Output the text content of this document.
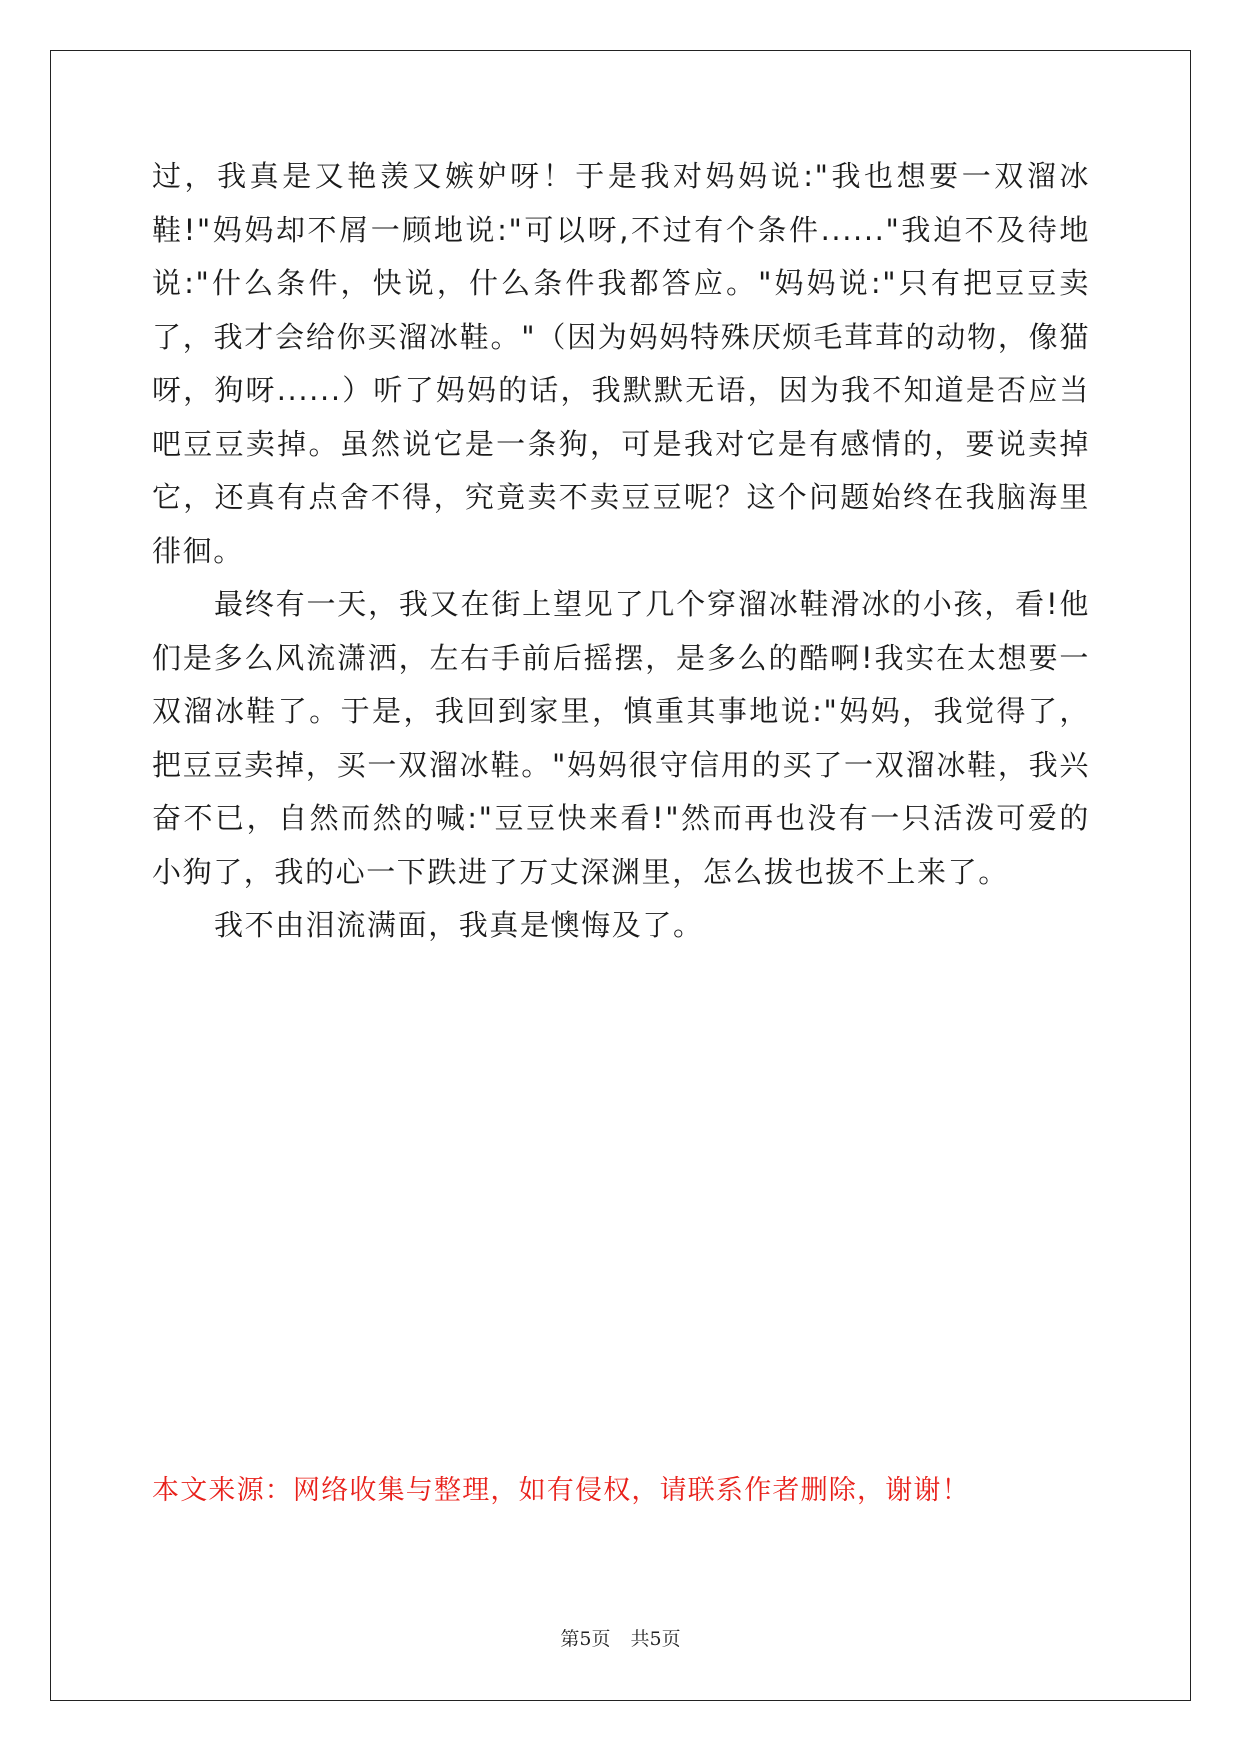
过，我真是又艳羡又嫉妒呀！于是我对妈妈说:"我也想要一双溜冰鞋!"妈妈却不屑一顾地说:"可以呀,不过有个条件......"我迫不及待地说:"什么条件，快说，什么条件我都答应。"妈妈说:"只有把豆豆卖了，我才会给你买溜冰鞋。"（因为妈妈特殊厌烦毛茸茸的动物，像猫呀，狗呀......）听了妈妈的话，我默默无语，因为我不知道是否应当吧豆豆卖掉。虽然说它是一条狗，可是我对它是有感情的，要说卖掉它，还真有点舍不得，究竟卖不卖豆豆呢？这个问题始终在我脑海里徘徊。

最终有一天，我又在街上望见了几个穿溜冰鞋滑冰的小孩，看!他们是多么风流潇洒，左右手前后摇摆，是多么的酷啊!我实在太想要一双溜冰鞋了。于是，我回到家里，慎重其事地说:"妈妈，我觉得了，把豆豆卖掉，买一双溜冰鞋。"妈妈很守信用的买了一双溜冰鞋，我兴奋不已，自然而然的喊:"豆豆快来看!"然而再也没有一只活泼可爱的小狗了，我的心一下跌进了万丈深渊里，怎么拔也拔不上来了。

我不由泪流满面，我真是懊悔及了。

本文来源：网络收集与整理，如有侵权，请联系作者删除，谢谢！

第5页 共5页
